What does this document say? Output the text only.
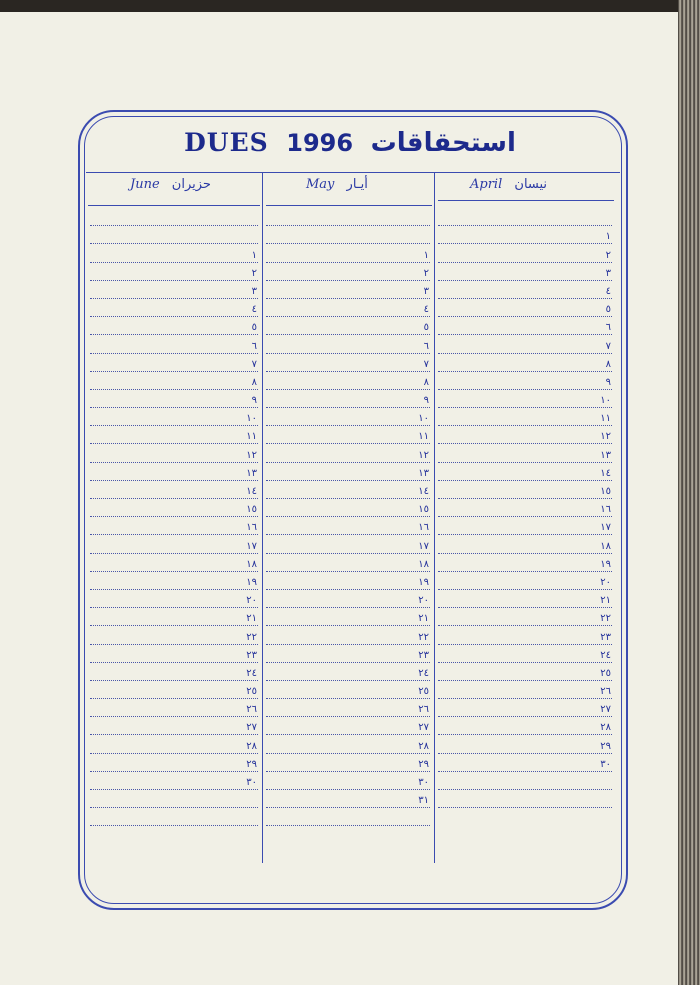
DUES 1996 استحقاقات
June حزيران	May أيـار	April نيسان
١
٢
٣
٤
٥
٦
٧
٨
٩
١٠
١١
١٢
١٣
١٤
١٥
١٦
١٧
١٨
١٩
٢٠
٢١
٢٢
٢٣
٢٤
٢٥
٢٦
٢٧
٢٨
٢٩
٣٠
١
٢
٣
٤
٥
٦
٧
٨
٩
١٠
١١
١٢
١٣
١٤
١٥
١٦
١٧
١٨
١٩
٢٠
٢١
٢٢
٢٣
٢٤
٢٥
٢٦
٢٧
٢٨
٢٩
٣٠
٣١
١
٢
٣
٤
٥
٦
٧
٨
٩
١٠
١١
١٢
١٣
١٤
١٥
١٦
١٧
١٨
١٩
٢٠
٢١
٢٢
٢٣
٢٤
٢٥
٢٦
٢٧
٢٨
٢٩
٣٠
